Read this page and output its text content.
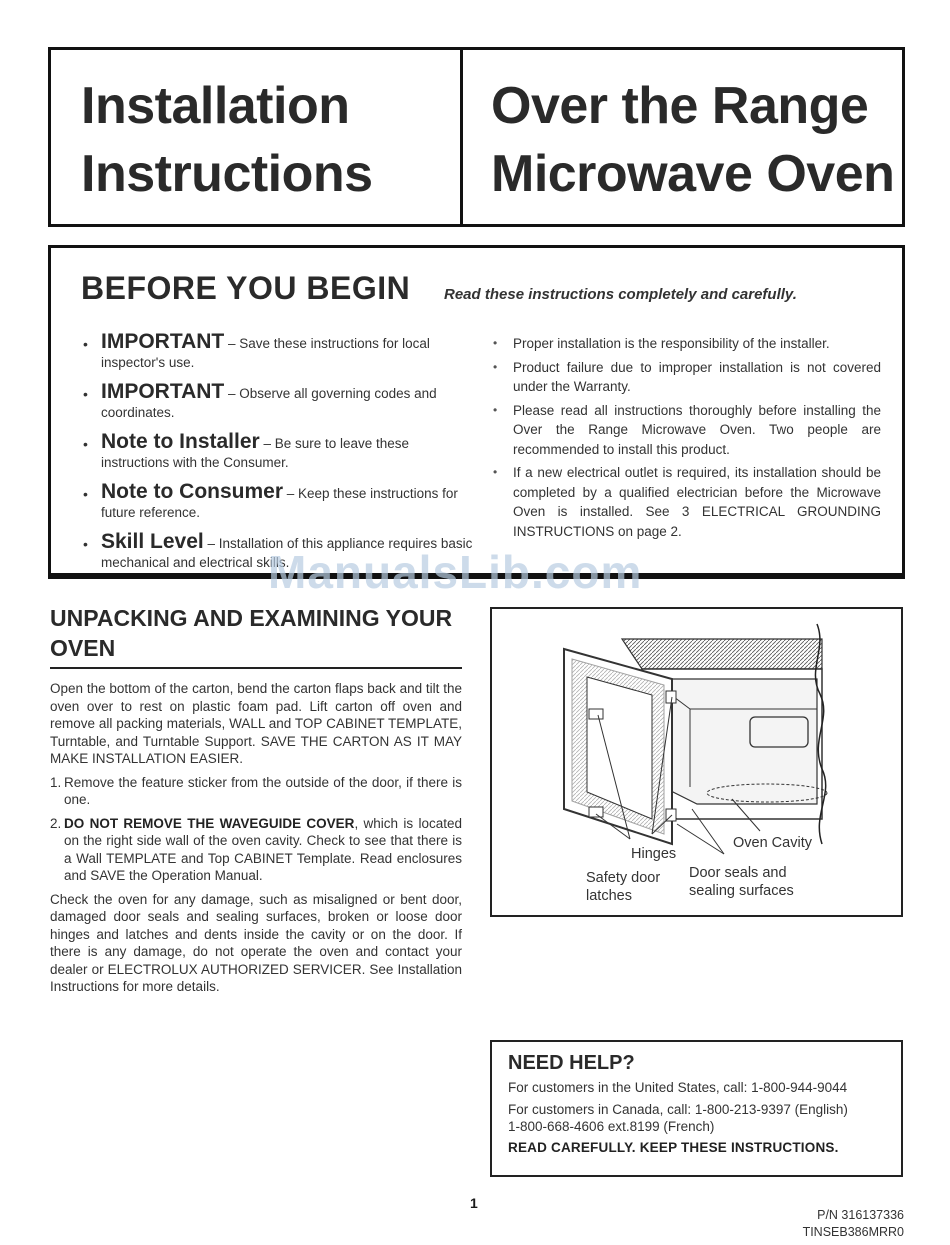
Installation
Instructions
Over the Range
Microwave Oven
BEFORE YOU BEGIN Read these instructions completely and carefully.
• IMPORTANT – Save these instructions for local inspector's use.
• IMPORTANT – Observe all governing codes and coordinates.
• Note to Installer – Be sure to leave these instructions with the Consumer.
• Note to Consumer – Keep these instructions for future reference.
• Skill Level – Installation of this appliance requires basic mechanical and electrical skills.
• Proper installation is the responsibility of the installer.
• Product failure due to improper installation is not covered under the Warranty.
• Please read all instructions thoroughly before installing the Over the Range Microwave Oven. Two people are recommended to install this product.
• If a new electrical outlet is required, its installation should be completed by a qualified electrician before the Microwave Oven is installed. See 3 ELECTRICAL GROUNDING INSTRUCTIONS on page 2.
ManualsLib.com
UNPACKING AND EXAMINING YOUR OVEN

Open the bottom of the carton, bend the carton flaps back and tilt the oven over to rest on plastic foam pad. Lift carton off oven and remove all packing materials, WALL and TOP CABINET TEMPLATE, Turntable, and Turntable Support. SAVE THE CARTON AS IT MAY MAKE INSTALLATION EASIER.

1. Remove the feature sticker from the outside of the door, if there is one.
2. DO NOT REMOVE THE WAVEGUIDE COVER, which is located on the right side wall of the oven cavity. Check to see that there is a Wall TEMPLATE and Top CABINET Template. Read enclosures and SAVE the Operation Manual.

Check the oven for any damage, such as misaligned or bent door, damaged door seals and sealing surfaces, broken or loose door hinges and latches and dents inside the cavity or on the door. If there is any damage, do not operate the oven and contact your dealer or ELECTROLUX AUTHORIZED SERVICER. See Installation Instructions for more details.

Hinges
Oven Cavity
Safety door
latches
Door seals and
sealing surfaces
NEED HELP?
For customers in the United States, call: 1-800-944-9044
For customers in Canada, call: 1-800-213-9397 (English)
1-800-668-4606 ext.8199 (French)
READ CAREFULLY. KEEP THESE INSTRUCTIONS.
1
P/N 316137336
TINSEB386MRR0
